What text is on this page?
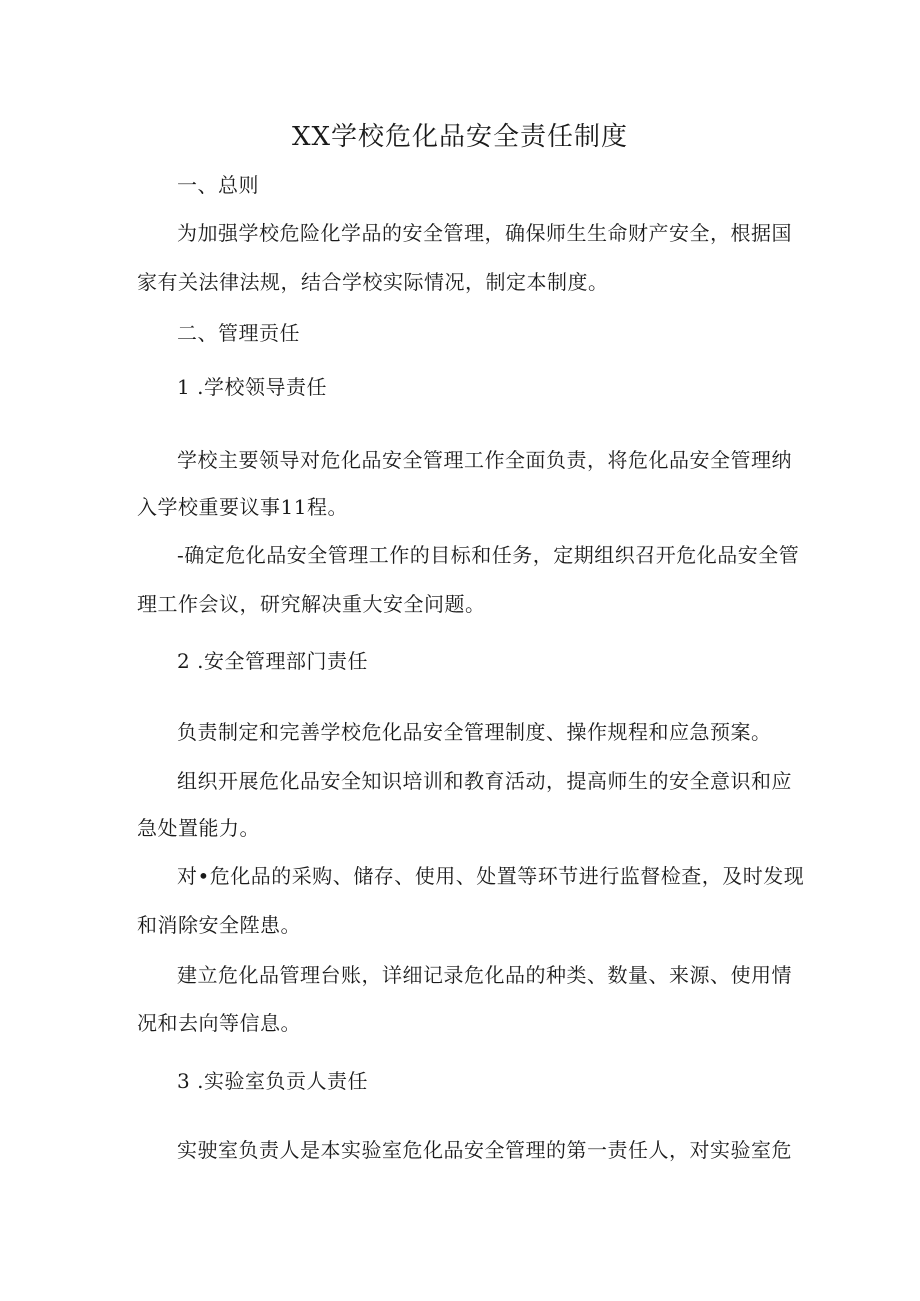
XX学校危化品安全责任制度
一、总则
为加强学校危险化学品的安全管理，确保师生生命财产安全，根据国
家有关法律法规，结合学校实际情况，制定本制度。
二、管理贡任
1 .学校领导责任
学校主要领导对危化品安全管理工作全面负责，将危化品安全管理纳
入学校重要议事11程。
-确定危化品安全管理工作的目标和任务，定期组织召开危化品安全管
理工作会议，研究解决重大安全问题。
2 .安全管理部门责任
负责制定和完善学校危化品安全管理制度、操作规程和应急预案。
组织开展危化品安全知识培训和教育活动，提高师生的安全意识和应
急处置能力。
对•危化品的采购、储存、使用、处置等环节进行监督检查，及时发现
和消除安全陞患。
建立危化品管理台账，详细记录危化品的种类、数量、来源、使用情
况和去向等信息。
3 .实验室负贡人责任
实驶室负责人是本实验室危化品安全管理的第一责任人，对实验室危
